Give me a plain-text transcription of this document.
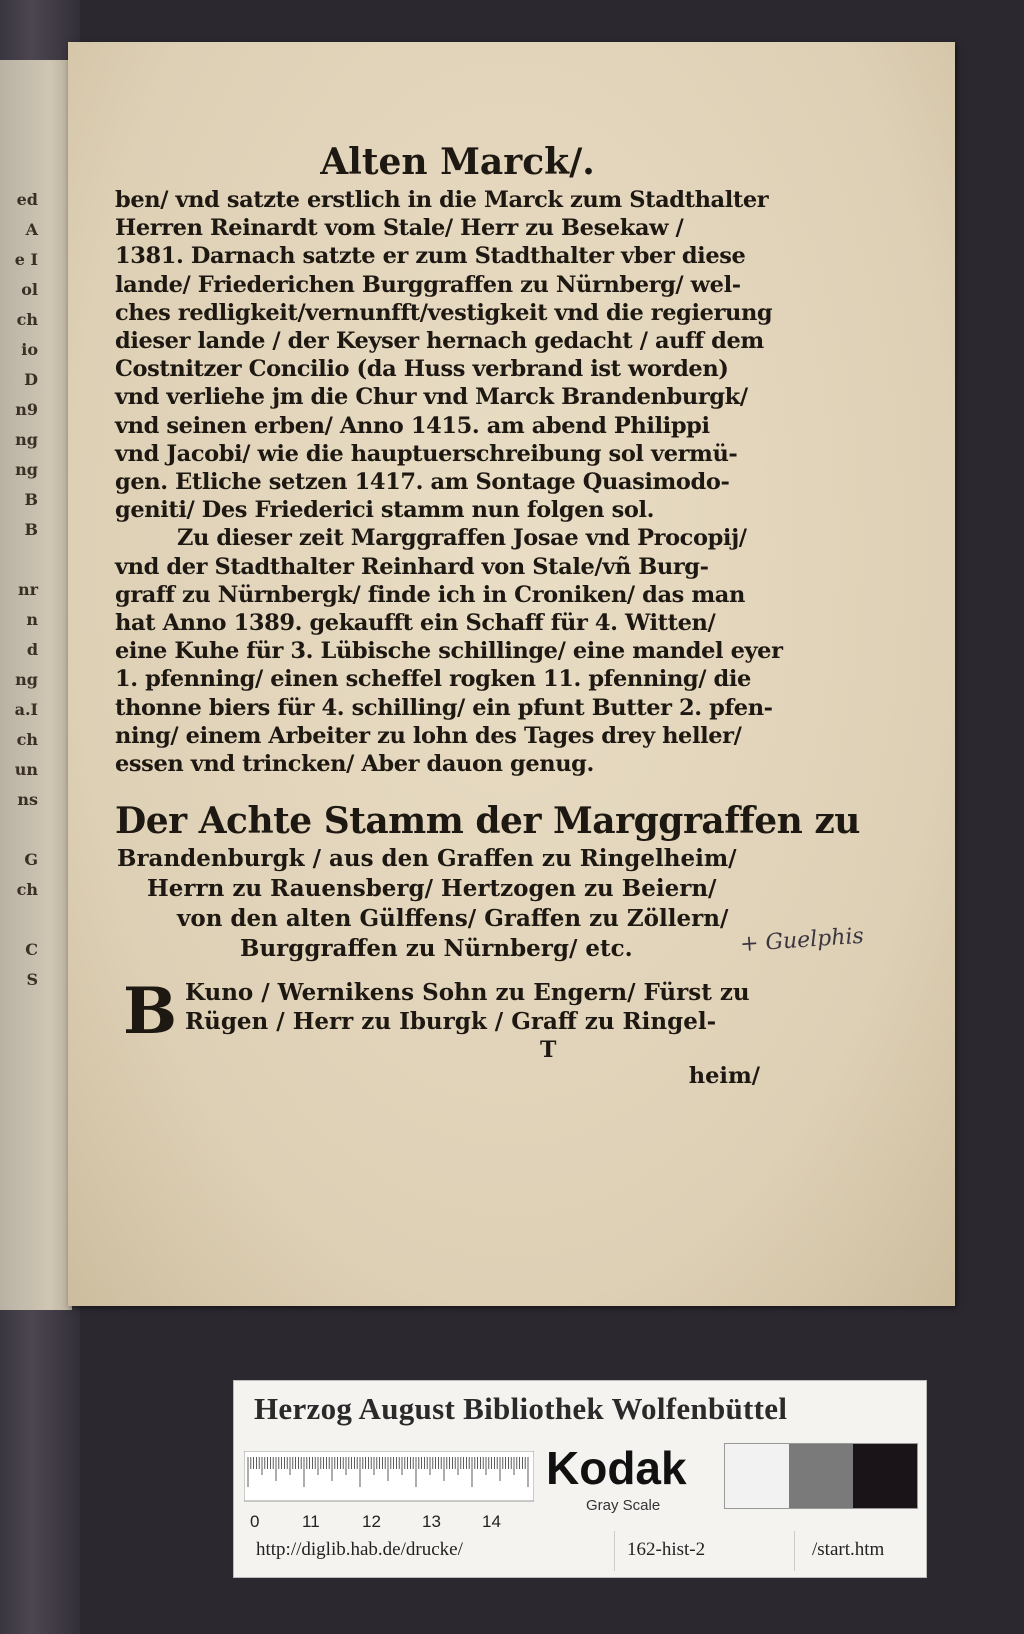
ed
A
e I
ol
ch
io
D
n9
ng
ng
B
B
nr
n
d
ng
a.I
ch
un
ns
G
ch
C
S
Alten Marck/.
ben/ vnd satzte erstlich in die Marck zum Stadthalter
Herren Reinardt vom Stale/ Herr zu Besekaw /
1381. Darnach satzte er zum Stadthalter vber diese
lande/ Friederichen Burggraffen zu Nürnberg/ wel-
ches redligkeit/vernunfft/vestigkeit vnd die regierung
dieser lande / der Keyser hernach gedacht / auff dem
Costnitzer Concilio (da Huss verbrand ist worden)
vnd verliehe jm die Chur vnd Marck Brandenburgk/
vnd seinen erben/ Anno 1415. am abend Philippi
vnd Jacobi/ wie die hauptuerschreibung sol vermü-
gen. Etliche setzen 1417. am Sontage Quasimodo-
geniti/ Des Friederici stamm nun folgen sol.
Zu dieser zeit Marggraffen Josae vnd Procopij/
vnd der Stadthalter Reinhard von Stale/vñ Burg-
graff zu Nürnbergk/ finde ich in Croniken/ das man
hat Anno 1389. gekaufft ein Schaff für 4. Witten/
eine Kuhe für 3. Lübische schillinge/ eine mandel eyer
1. pfenning/ einen scheffel rogken 11. pfenning/ die
thonne biers für 4. schilling/ ein pfunt Butter 2. pfen-
ning/ einem Arbeiter zu lohn des Tages drey heller/
essen vnd trincken/ Aber dauon genug.
Der Achte Stamm der Marggraffen zu
Brandenburgk / aus den Graffen zu Ringelheim/
Herrn zu Rauensberg/ Hertzogen zu Beiern/
von den alten Gülffens/ Graffen zu Zöllern/
Burggraffen zu Nürnberg/ etc.
B Kuno / Wernikens Sohn zu Engern/ Fürst zu
Rügen / Herr zu Iburgk / Graff zu Ringel-
T
heim/
+ Guelphis
Herzog August Bibliothek Wolfenbüttel
0	11 12 13 14
Kodak
Gray Scale
http://diglib.hab.de/drucke/	162-hist-2	/start.htm
